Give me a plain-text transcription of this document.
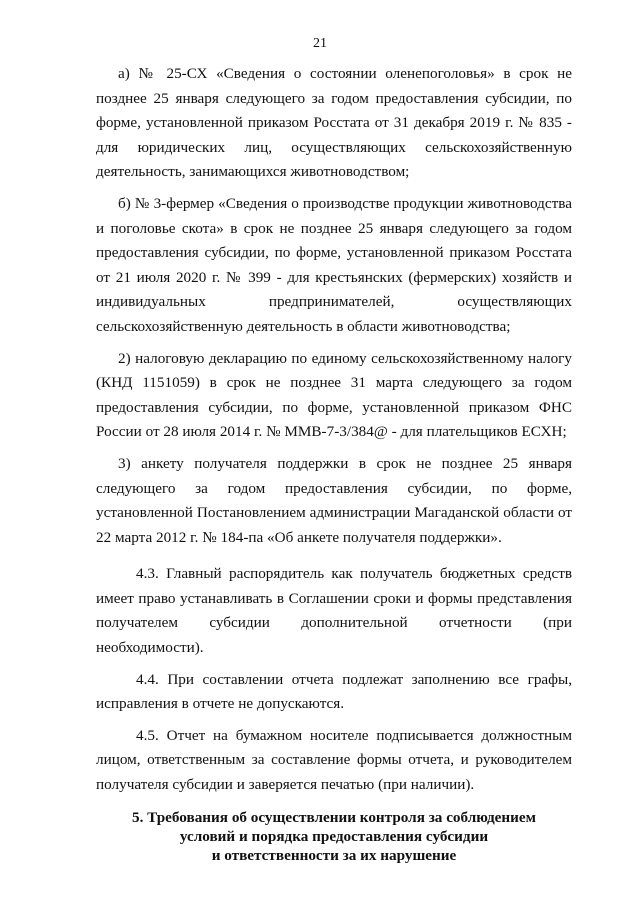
21

а) № 25-СХ «Сведения о состоянии оленепоголовья» в срок не позднее 25 января следующего за годом предоставления субсидии, по форме, установленной приказом Росстата от 31 декабря 2019 г. № 835 - для юридических лиц, осуществляющих сельскохозяйственную деятельность, занимающихся животноводством;

б) № 3-фермер «Сведения о производстве продукции животноводства и поголовье скота» в срок не позднее 25 января следующего за годом предоставления субсидии, по форме, установленной приказом Росстата от 21 июля 2020 г. № 399 - для крестьянских (фермерских) хозяйств и индивидуальных предпринимателей, осуществляющих сельскохозяйственную деятельность в области животноводства;

2) налоговую декларацию по единому сельскохозяйственному налогу (КНД 1151059) в срок не позднее 31 марта следующего за годом предоставления субсидии, по форме, установленной приказом ФНС России от 28 июля 2014 г. № ММВ-7-3/384@ - для плательщиков ЕСХН;

3) анкету получателя поддержки в срок не позднее 25 января следующего за годом предоставления субсидии, по форме, установленной Постановлением администрации Магаданской области от 22 марта 2012 г. № 184-па «Об анкете получателя поддержки».

4.3. Главный распорядитель как получатель бюджетных средств имеет право устанавливать в Соглашении сроки и формы представления получателем субсидии дополнительной отчетности (при необходимости).

4.4. При составлении отчета подлежат заполнению все графы, исправления в отчете не допускаются.

4.5. Отчет на бумажном носителе подписывается должностным лицом, ответственным за составление формы отчета, и руководителем получателя субсидии и заверяется печатью (при наличии).

5. Требования об осуществлении контроля за соблюдением
условий и порядка предоставления субсидии
и ответственности за их нарушение
